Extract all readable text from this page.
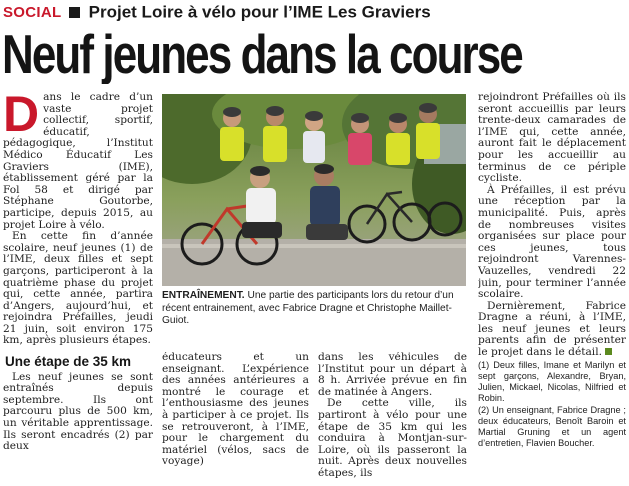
SOCIAL Projet Loire à vélo pour l’IME Les Graviers
Neuf jeunes dans la course

Dans le cadre d’un vaste projet collectif, sportif, éducatif, pédagogique, l’Institut Médico Éducatif Les Graviers (IME), établissement géré par la Fol 58 et dirigé par Stéphane Goutorbe, participe, depuis 2015, au projet Loire à vélo.

En cette fin d’année scolaire, neuf jeunes (1) de l’IME, deux filles et sept garçons, participeront à la quatrième phase du projet qui, cette année, partira d’Angers, aujourd’hui, et rejoindra Préfailles, jeudi 21 juin, soit environ 175 km, après plusieurs étapes.

Une étape de 35 km

Les neuf jeunes se sont entraînés depuis septembre. Ils ont parcouru plus de 500 km, un véritable apprentissage. Ils seront encadrés (2) par deux

ENTRAÎNEMENT. Une partie des participants lors du retour d’un récent entrainement, avec Fabrice Dragne et Christophe Maillet-Guiot.

éducateurs et un enseignant. L’expérience des années antérieures a montré le courage et l’enthousiasme des jeunes à participer à ce projet. Ils se retrouveront, à l’IME, pour le chargement du matériel (vélos, sacs de voyage)

dans les véhicules de l’Institut pour un départ à 8 h. Arrivée prévue en fin de matinée à Angers.

De cette ville, ils partiront à vélo pour une étape de 35 km qui les conduira à Montjan-sur-Loire, où ils passeront la nuit. Après deux nouvelles étapes, ils

rejoindront Préfailles où ils seront accueillis par leurs trente-deux camarades de l’IME qui, cette année, auront fait le déplacement pour les accueillir au terminus de ce périple cycliste.

À Préfailles, il est prévu une réception par la municipalité. Puis, après de nombreuses visites organisées sur place pour ces jeunes, tous rejoindront Varennes-Vauzelles, vendredi 22 juin, pour terminer l’année scolaire.

Dernièrement, Fabrice Dragne a réuni, à l’IME, les neuf jeunes et leurs parents afin de présenter le projet dans le détail.

(1) Deux filles, Imane et Marilyn et sept garçons, Alexandre, Bryan, Julien, Mickael, Nicolas, Nilfried et Robin.

(2) Un enseignant, Fabrice Dragne ; deux éducateurs, Benoît Baroin et Martial Gruning et un agent d’entretien, Flavien Boucher.
